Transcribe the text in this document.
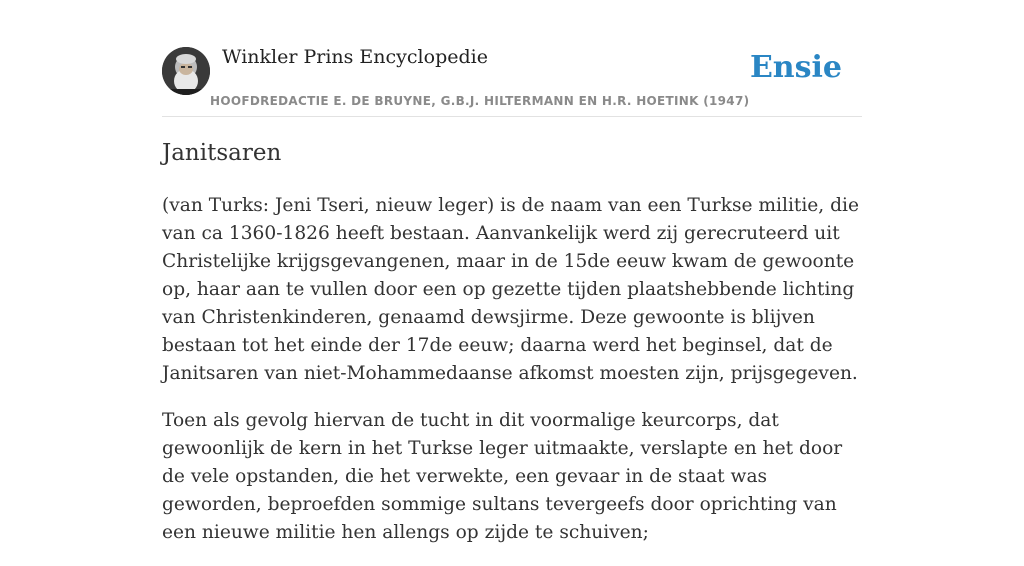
Winkler Prins Encyclopedie
HOOFDREDACTIE E. DE BRUYNE, G.B.J. HILTERMANN EN H.R. HOETINK (1947)
Ensie
Janitsaren

(van Turks: Jeni Tseri, nieuw leger) is de naam van een Turkse militie, die van ca 1360-1826 heeft bestaan. Aanvankelijk werd zij gerecruteerd uit Christelijke krijgsgevangenen, maar in de 15de eeuw kwam de gewoonte op, haar aan te vullen door een op gezette tijden plaatshebbende lichting van Christenkinderen, genaamd dewsjirme. Deze gewoonte is blijven bestaan tot het einde der 17de eeuw; daarna werd het beginsel, dat de Janitsaren van niet-Mohammedaanse afkomst moesten zijn, prijsgegeven.

Toen als gevolg hiervan de tucht in dit voormalige keurcorps, dat gewoonlijk de kern in het Turkse leger uitmaakte, verslapte en het door de vele opstanden, die het verwekte, een gevaar in de staat was geworden, beproefden sommige sultans tevergeefs door oprichting van een nieuwe militie hen allengs op zijde te schuiven;
